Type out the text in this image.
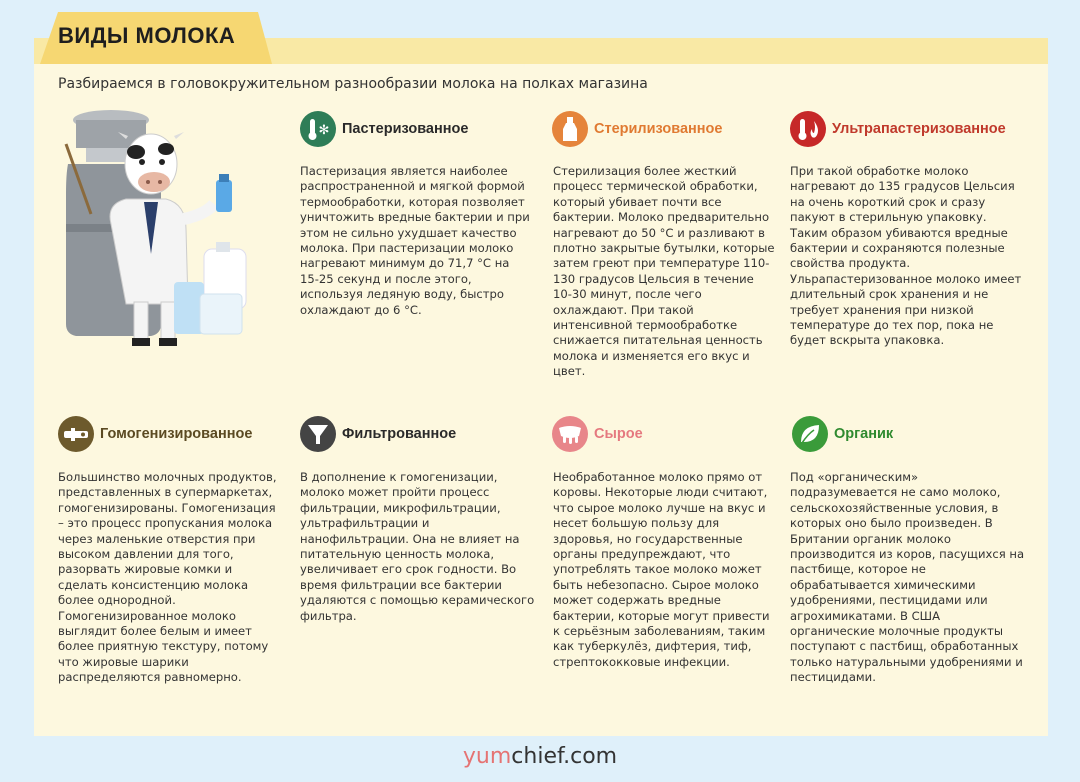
ВИДЫ МОЛОКА
Разбираемся в головокружительном разнообразии молока на полках магазина
✻ Пастеризованное
Пастеризация является наиболее распространенной и мягкой формой термообработки, которая позволяет уничтожить вредные бактерии и при этом не сильно ухудшает качество молока. При пастеризации молоко нагревают минимум до 71,7 °С на 15-25 секунд и после этого, используя ледяную воду, быстро охлаждают до 6 °С.
Стерилизованное
Стерилизация более жесткий процесс термической обработки, который убивает почти все бактерии. Молоко предварительно нагревают до 50 °С и разливают в плотно закрытые бутылки, которые затем греют при температуре 110-130 градусов Цельсия в течение 10-30 минут, после чего охлаждают. При такой интенсивной термообработке снижается питательная ценность молока и изменяется его вкус и цвет.
Ультрапастеризованное
При такой обработке молоко нагревают до 135 градусов Цельсия на очень короткий срок и сразу пакуют в стерильную упаковку. Таким образом убиваются вредные бактерии и сохраняются полезные свойства продукта. Ульрапастеризованное молоко имеет длительный срок хранения и не требует хранения при низкой температуре до тех пор, пока не будет вскрыта упаковка.
Гомогенизированное
Большинство молочных продуктов, представленных в супермаркетах, гомогенизированы. Гомогенизация – это процесс пропускания молока через маленькие отверстия при высоком давлении для того, разорвать жировые комки и сделать консистенцию молока более однородной. Гомогенизированное молоко выглядит более белым и имеет более приятную текстуру, потому что жировые шарики распределяются равномерно.
Фильтрованное
В дополнение к гомогенизации, молоко может пройти процесс фильтрации, микрофильтрации, ультрафильтрации и нанофильтрации. Она не влияет на питательную ценность молока, увеличивает его срок годности. Во время фильтрации все бактерии удаляются с помощью керамического фильтра.
Сырое
Необработанное молоко прямо от коровы. Некоторые люди считают, что сырое молоко лучше на вкус и несет большую пользу для здоровья, но государственные органы предупреждают, что употреблять такое молоко может быть небезопасно. Сырое молоко может содержать вредные бактерии, которые могут привести к серьёзным заболеваниям, таким как туберкулёз, дифтерия, тиф, стрептококковые инфекции.
Органик
Под «органическим» подразумевается не само молоко, сельскохозяйственные условия, в которых оно было произведен. В Британии органик молоко производится из коров, пасущихся на пастбище, которое не обрабатывается химическими удобрениями, пестицидами или агрохимикатами. В США органические молочные продукты поступают с пастбищ, обработанных только натуральными удобрениями и пестицидами.
yumchief.com
